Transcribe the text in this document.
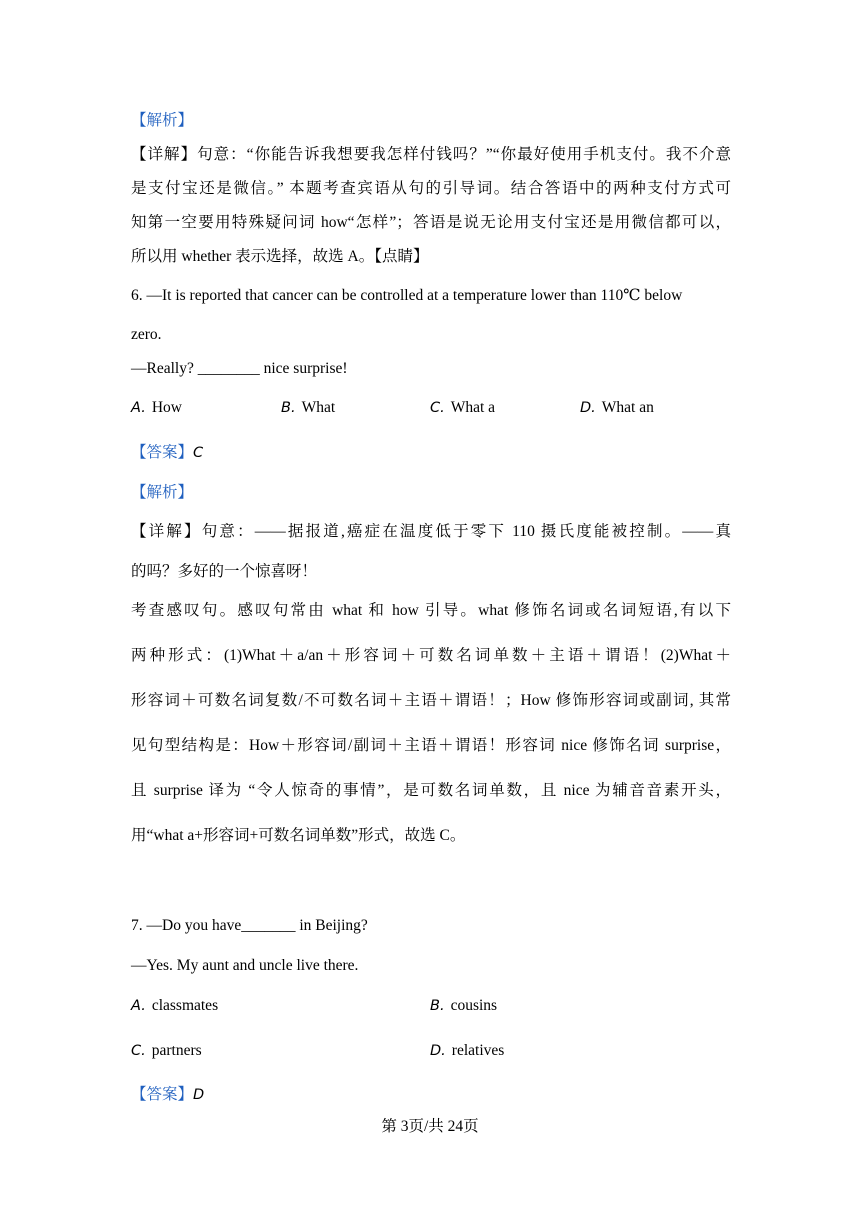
【解析】
【详解】句意：“你能告诉我想要我怎样付钱吗？”“你最好使用手机支付。我不介意
是支付宝还是微信。” 本题考查宾语从句的引导词。结合答语中的两种支付方式可
知第一空要用特殊疑问词 how“怎样”；答语是说无论用支付宝还是用微信都可以，
所以用 whether 表示选择，故选 A。【点睛】
6. —It is reported that cancer can be controlled at a temperature lower than 110℃ below
zero.
—Really? ________ nice surprise!
A. How	B. What	C. What a	D. What an
【答案】C
【解析】
【详解】句意：——据报道,癌症在温度低于零下 110 摄氏度能被控制。——真
的吗？多好的一个惊喜呀！
考查感叹句。感叹句常由 what 和 how 引导。what 修饰名词或名词短语,有以下
两种形式：(1)What＋a/an＋形容词＋可数名词单数＋主语＋谓语！(2)What＋
形容词＋可数名词复数/不可数名词＋主语＋谓语！；How 修饰形容词或副词, 其常
见句型结构是：How＋形容词/副词＋主语＋谓语！形容词 nice 修饰名词 surprise，
且 surprise 译为 “令人惊奇的事情”，是可数名词单数，且 nice 为辅音音素开头，
用“what a+形容词+可数名词单数”形式，故选 C。
7. —Do you have_______ in Beijing?
—Yes. My aunt and uncle live there.
A. classmates	B. cousins
C. partners	D. relatives
【答案】D
第 3页/共 24页
